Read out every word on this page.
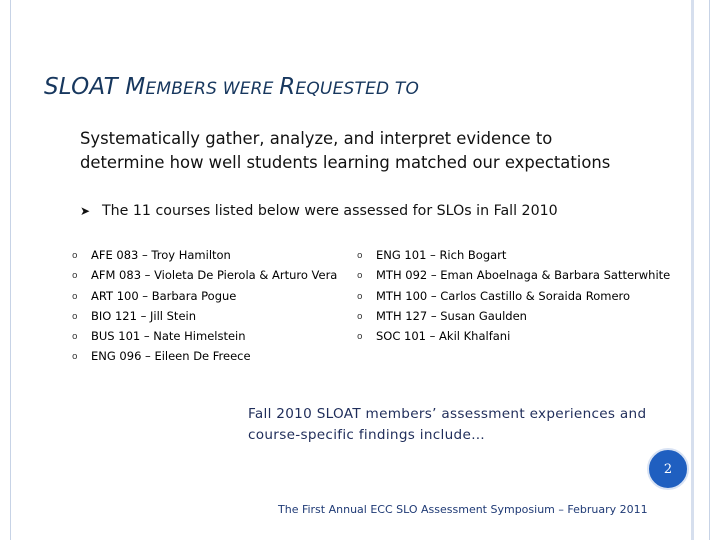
SLOAT MEMBERS WERE REQUESTED TO

Systematically gather, analyze, and interpret evidence to determine how well students learning matched our expectations

➤ The 11 courses listed below were assessed for SLOs in Fall 2010
o AFE 083 – Troy Hamilton
o AFM 083 – Violeta De Pierola & Arturo Vera
o ART 100 – Barbara Pogue
o BIO 121 – Jill Stein
o BUS 101 – Nate Himelstein
o ENG 096 – Eileen De Freece
o ENG 101 – Rich Bogart
o MTH 092 – Eman Aboelnaga & Barbara Satterwhite
o MTH 100 – Carlos Castillo & Soraida Romero
o MTH 127 – Susan Gaulden
o SOC 101 – Akil Khalfani

Fall 2010 SLOAT members’ assessment experiences and course-specific findings include…

2

The First Annual ECC SLO Assessment Symposium – February 2011
